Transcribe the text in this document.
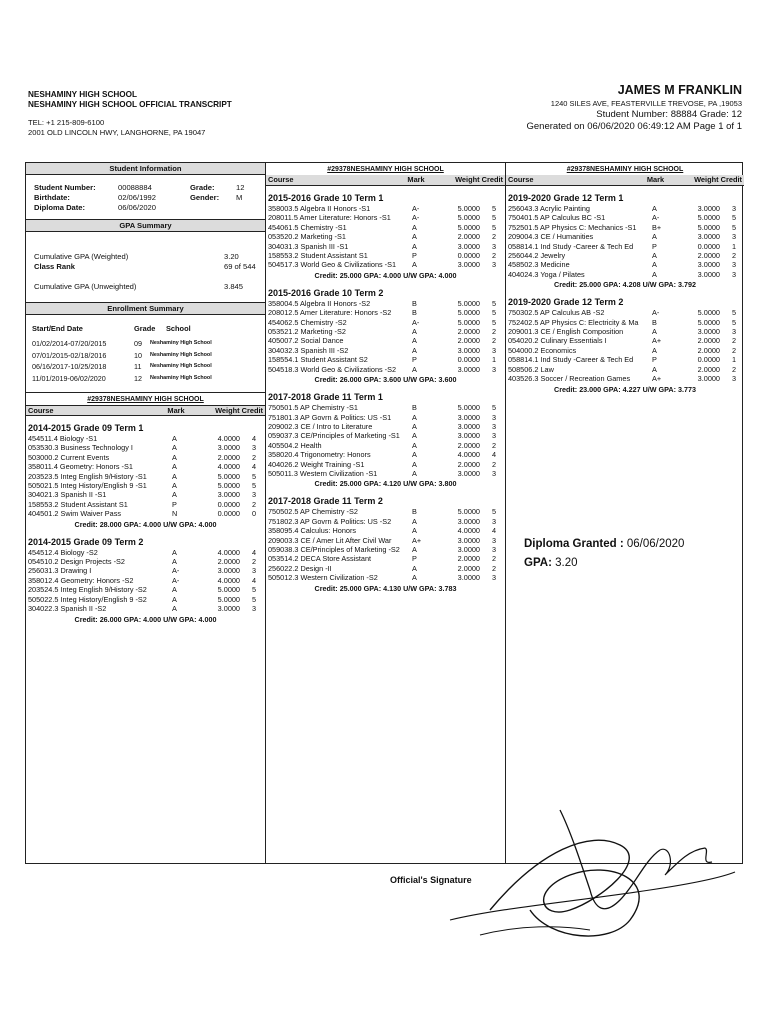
NESHAMINY HIGH SCHOOL
NESHAMINY HIGH SCHOOL OFFICIAL TRANSCRIPT
TEL: +1 215-809-6100
2001 OLD LINCOLN HWY, LANGHORNE, PA 19047
JAMES M FRANKLIN
1240 SILES AVE, FEASTERVILLE TREVOSE, PA ,19053
Student Number: 88884 Grade: 12
Generated on 06/06/2020 06:49:12 AM Page 1 of 1
Student Information
Student Number:	00088884	Grade:	12
Birthdate:	02/06/1992	Gender:	M
Diploma Date:	06/06/2020
GPA Summary
Cumulative GPA (Weighted)	3.20
Class Rank	69 of 544
Cumulative GPA (Unweighted)	3.845
Enrollment Summary
Start/End Date	Grade	School
01/02/2014-07/20/2015	09	Neshaminy High School
07/01/2015-02/18/2016	10	Neshaminy High School
06/16/2017-10/25/2018	11	Neshaminy High School
11/01/2019-06/02/2020	12	Neshaminy High School
#29378NESHAMINY HIGH SCHOOL
Course	Mark	Weight Credit
2014-2015 Grade 09 Term 1
454511.4 Biology -S1	A	4.0000	4
053530.3 Business Technology I	A	3.0000	3
503000.2 Current Events	A	2.0000	2
358011.4 Geometry: Honors -S1	A	4.0000	4
203523.5 Integ English 9/History -S1	A	5.0000	5
505021.5 Integ History/English 9 -S1	A	5.0000	5
304021.3 Spanish II -S1	A	3.0000	3
158553.2 Student Assistant S1	P	0.0000	2
404501.2 Swim Waiver Pass	N	0.0000	0
Credit: 28.000 GPA: 4.000 U/W GPA: 4.000
2014-2015 Grade 09 Term 2
454512.4 Biology -S2	A	4.0000	4
054510.2 Design Projects -S2	A	2.0000	2
256031.3 Drawing I	A-	3.0000	3
358012.4 Geometry: Honors -S2	A-	4.0000	4
203524.5 Integ English 9/History -S2	A	5.0000	5
505022.5 Integ History/English 9 -S2	A	5.0000	5
304022.3 Spanish II -S2	A	3.0000	3
Credit: 26.000 GPA: 4.000 U/W GPA: 4.000
#29378NESHAMINY HIGH SCHOOL
Course	Mark	Weight Credit
2015-2016 Grade 10 Term 1
358003.5 Algebra II Honors -S1	A-	5.0000	5
208011.5 Amer Literature: Honors -S1	A-	5.0000	5
454061.5 Chemistry -S1	A	5.0000	5
053520.2 Marketing -S1	A	2.0000	2
304031.3 Spanish III -S1	A	3.0000	3
158553.2 Student Assistant S1	P	0.0000	2
504517.3 World Geo & Civilizations -S1	A	3.0000	3
Credit: 25.000 GPA: 4.000 U/W GPA: 4.000
2015-2016 Grade 10 Term 2
358004.5 Algebra II Honors -S2	B	5.0000	5
208012.5 Amer Literature: Honors -S2	B	5.0000	5
454062.5 Chemistry -S2	A-	5.0000	5
053521.2 Marketing -S2	A	2.0000	2
405007.2 Social Dance	A	2.0000	2
304032.3 Spanish III -S2	A	3.0000	3
158554.1 Student Assistant S2	P	0.0000	1
504518.3 World Geo & Civilizations -S2	A	3.0000	3
Credit: 26.000 GPA: 3.600 U/W GPA: 3.600
2017-2018 Grade 11 Term 1
750501.5 AP Chemistry -S1	B	5.0000	5
751801.3 AP Govrn & Politics: US -S1	A	3.0000	3
209002.3 CE / Intro to Literature	A	3.0000	3
059037.3 CE/Principles of Marketing -S1	A	3.0000	3
405504.2 Health	A	2.0000	2
358020.4 Trigonometry: Honors	A	4.0000	4
404026.2 Weight Training -S1	A	2.0000	2
505011.3 Western Civilization -S1	A	3.0000	3
Credit: 25.000 GPA: 4.120 U/W GPA: 3.800
2017-2018 Grade 11 Term 2
750502.5 AP Chemistry -S2	B	5.0000	5
751802.3 AP Govrn & Politics: US -S2	A	3.0000	3
358095.4 Calculus: Honors	A	4.0000	4
209003.3 CE / Amer Lit After Civil War	A+	3.0000	3
059038.3 CE/Principles of Marketing -S2	A	3.0000	3
053514.2 DECA Store Assistant	P	2.0000	2
256022.2 Design -II	A	2.0000	2
505012.3 Western Civilization -S2	A	3.0000	3
Credit: 25.000 GPA: 4.130 U/W GPA: 3.783
#29378NESHAMINY HIGH SCHOOL
Course	Mark	Weight Credit
2019-2020 Grade 12 Term 1
256043.3 Acrylic Painting	A	3.0000	3
750401.5 AP Calculus BC -S1	A-	5.0000	5
752501.5 AP Physics C: Mechanics -S1	B+	5.0000	5
209004.3 CE / Humanities	A	3.0000	3
058814.1 Ind Study -Career & Tech Ed	P	0.0000	1
256044.2 Jewelry	A	2.0000	2
458502.3 Medicine	A	3.0000	3
404024.3 Yoga / Pilates	A	3.0000	3
Credit: 25.000 GPA: 4.208 U/W GPA: 3.792
2019-2020 Grade 12 Term 2
750302.5 AP Calculus AB -S2	A-	5.0000	5
752402.5 AP Physics C: Electricity & Ma	B	5.0000	5
209001.3 CE / English Composition	A	3.0000	3
054020.2 Culinary Essentials I	A+	2.0000	2
504000.2 Economics	A	2.0000	2
058814.1 Ind Study -Career & Tech Ed	P	0.0000	1
508506.2 Law	A	2.0000	2
403526.3 Soccer / Recreation Games	A+	3.0000	3
Credit: 23.000 GPA: 4.227 U/W GPA: 3.773
Diploma Granted : 06/06/2020
GPA: 3.20
Official's Signature
